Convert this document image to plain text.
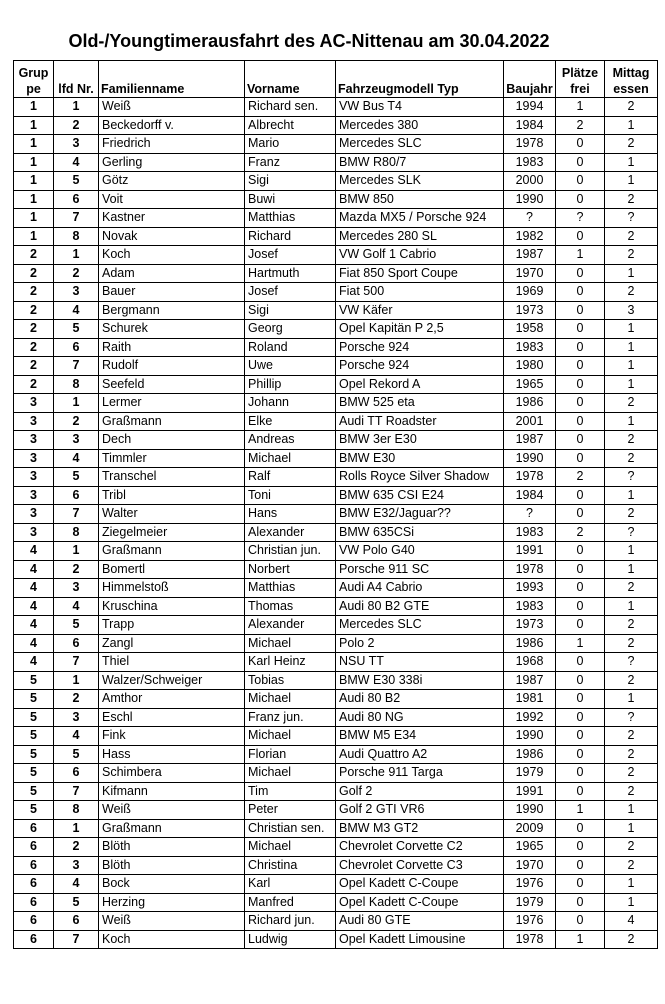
Old-/Youngtimerausfahrt des AC-Nittenau am 30.04.2022
Grup pe	lfd Nr.	Familienname	Vorname	Fahrzeugmodell Typ	Baujahr	Plätze frei	Mittag essen
1	1	Weiß	Richard sen.	VW Bus T4	1994	1	2
1	2	Beckedorff v.	Albrecht	Mercedes 380	1984	2	1
1	3	Friedrich	Mario	Mercedes SLC	1978	0	2
1	4	Gerling	Franz	BMW R80/7	1983	0	1
1	5	Götz	Sigi	Mercedes SLK	2000	0	1
1	6	Voit	Buwi	BMW 850	1990	0	2
1	7	Kastner	Matthias	Mazda MX5 / Porsche 924	?	?	?
1	8	Novak	Richard	Mercedes 280 SL	1982	0	2
2	1	Koch	Josef	VW Golf 1 Cabrio	1987	1	2
2	2	Adam	Hartmuth	Fiat 850 Sport Coupe	1970	0	1
2	3	Bauer	Josef	Fiat 500	1969	0	2
2	4	Bergmann	Sigi	VW Käfer	1973	0	3
2	5	Schurek	Georg	Opel Kapitän P 2,5	1958	0	1
2	6	Raith	Roland	Porsche 924	1983	0	1
2	7	Rudolf	Uwe	Porsche 924	1980	0	1
2	8	Seefeld	Phillip	Opel Rekord A	1965	0	1
3	1	Lermer	Johann	BMW 525 eta	1986	0	2
3	2	Graßmann	Elke	Audi TT Roadster	2001	0	1
3	3	Dech	Andreas	BMW 3er E30	1987	0	2
3	4	Timmler	Michael	BMW E30	1990	0	2
3	5	Transchel	Ralf	Rolls Royce Silver Shadow	1978	2	?
3	6	Tribl	Toni	BMW 635 CSI E24	1984	0	1
3	7	Walter	Hans	BMW E32/Jaguar??	?	0	2
3	8	Ziegelmeier	Alexander	BMW 635CSi	1983	2	?
4	1	Graßmann	Christian jun.	VW Polo G40	1991	0	1
4	2	Bomertl	Norbert	Porsche 911 SC	1978	0	1
4	3	Himmelstoß	Matthias	Audi A4 Cabrio	1993	0	2
4	4	Kruschina	Thomas	Audi 80 B2 GTE	1983	0	1
4	5	Trapp	Alexander	Mercedes SLC	1973	0	2
4	6	Zangl	Michael	Polo 2	1986	1	2
4	7	Thiel	Karl Heinz	NSU TT	1968	0	?
5	1	Walzer/Schweiger	Tobias	BMW E30 338i	1987	0	2
5	2	Amthor	Michael	Audi 80 B2	1981	0	1
5	3	Eschl	Franz jun.	Audi 80 NG	1992	0	?
5	4	Fink	Michael	BMW M5 E34	1990	0	2
5	5	Hass	Florian	Audi Quattro A2	1986	0	2
5	6	Schimbera	Michael	Porsche 911 Targa	1979	0	2
5	7	Kifmann	Tim	Golf 2	1991	0	2
5	8	Weiß	Peter	Golf 2 GTI VR6	1990	1	1
6	1	Graßmann	Christian sen.	BMW M3 GT2	2009	0	1
6	2	Blöth	Michael	Chevrolet Corvette C2	1965	0	2
6	3	Blöth	Christina	Chevrolet Corvette C3	1970	0	2
6	4	Bock	Karl	Opel Kadett C-Coupe	1976	0	1
6	5	Herzing	Manfred	Opel Kadett C-Coupe	1979	0	1
6	6	Weiß	Richard jun.	Audi 80 GTE	1976	0	4
6	7	Koch	Ludwig	Opel Kadett Limousine	1978	1	2
